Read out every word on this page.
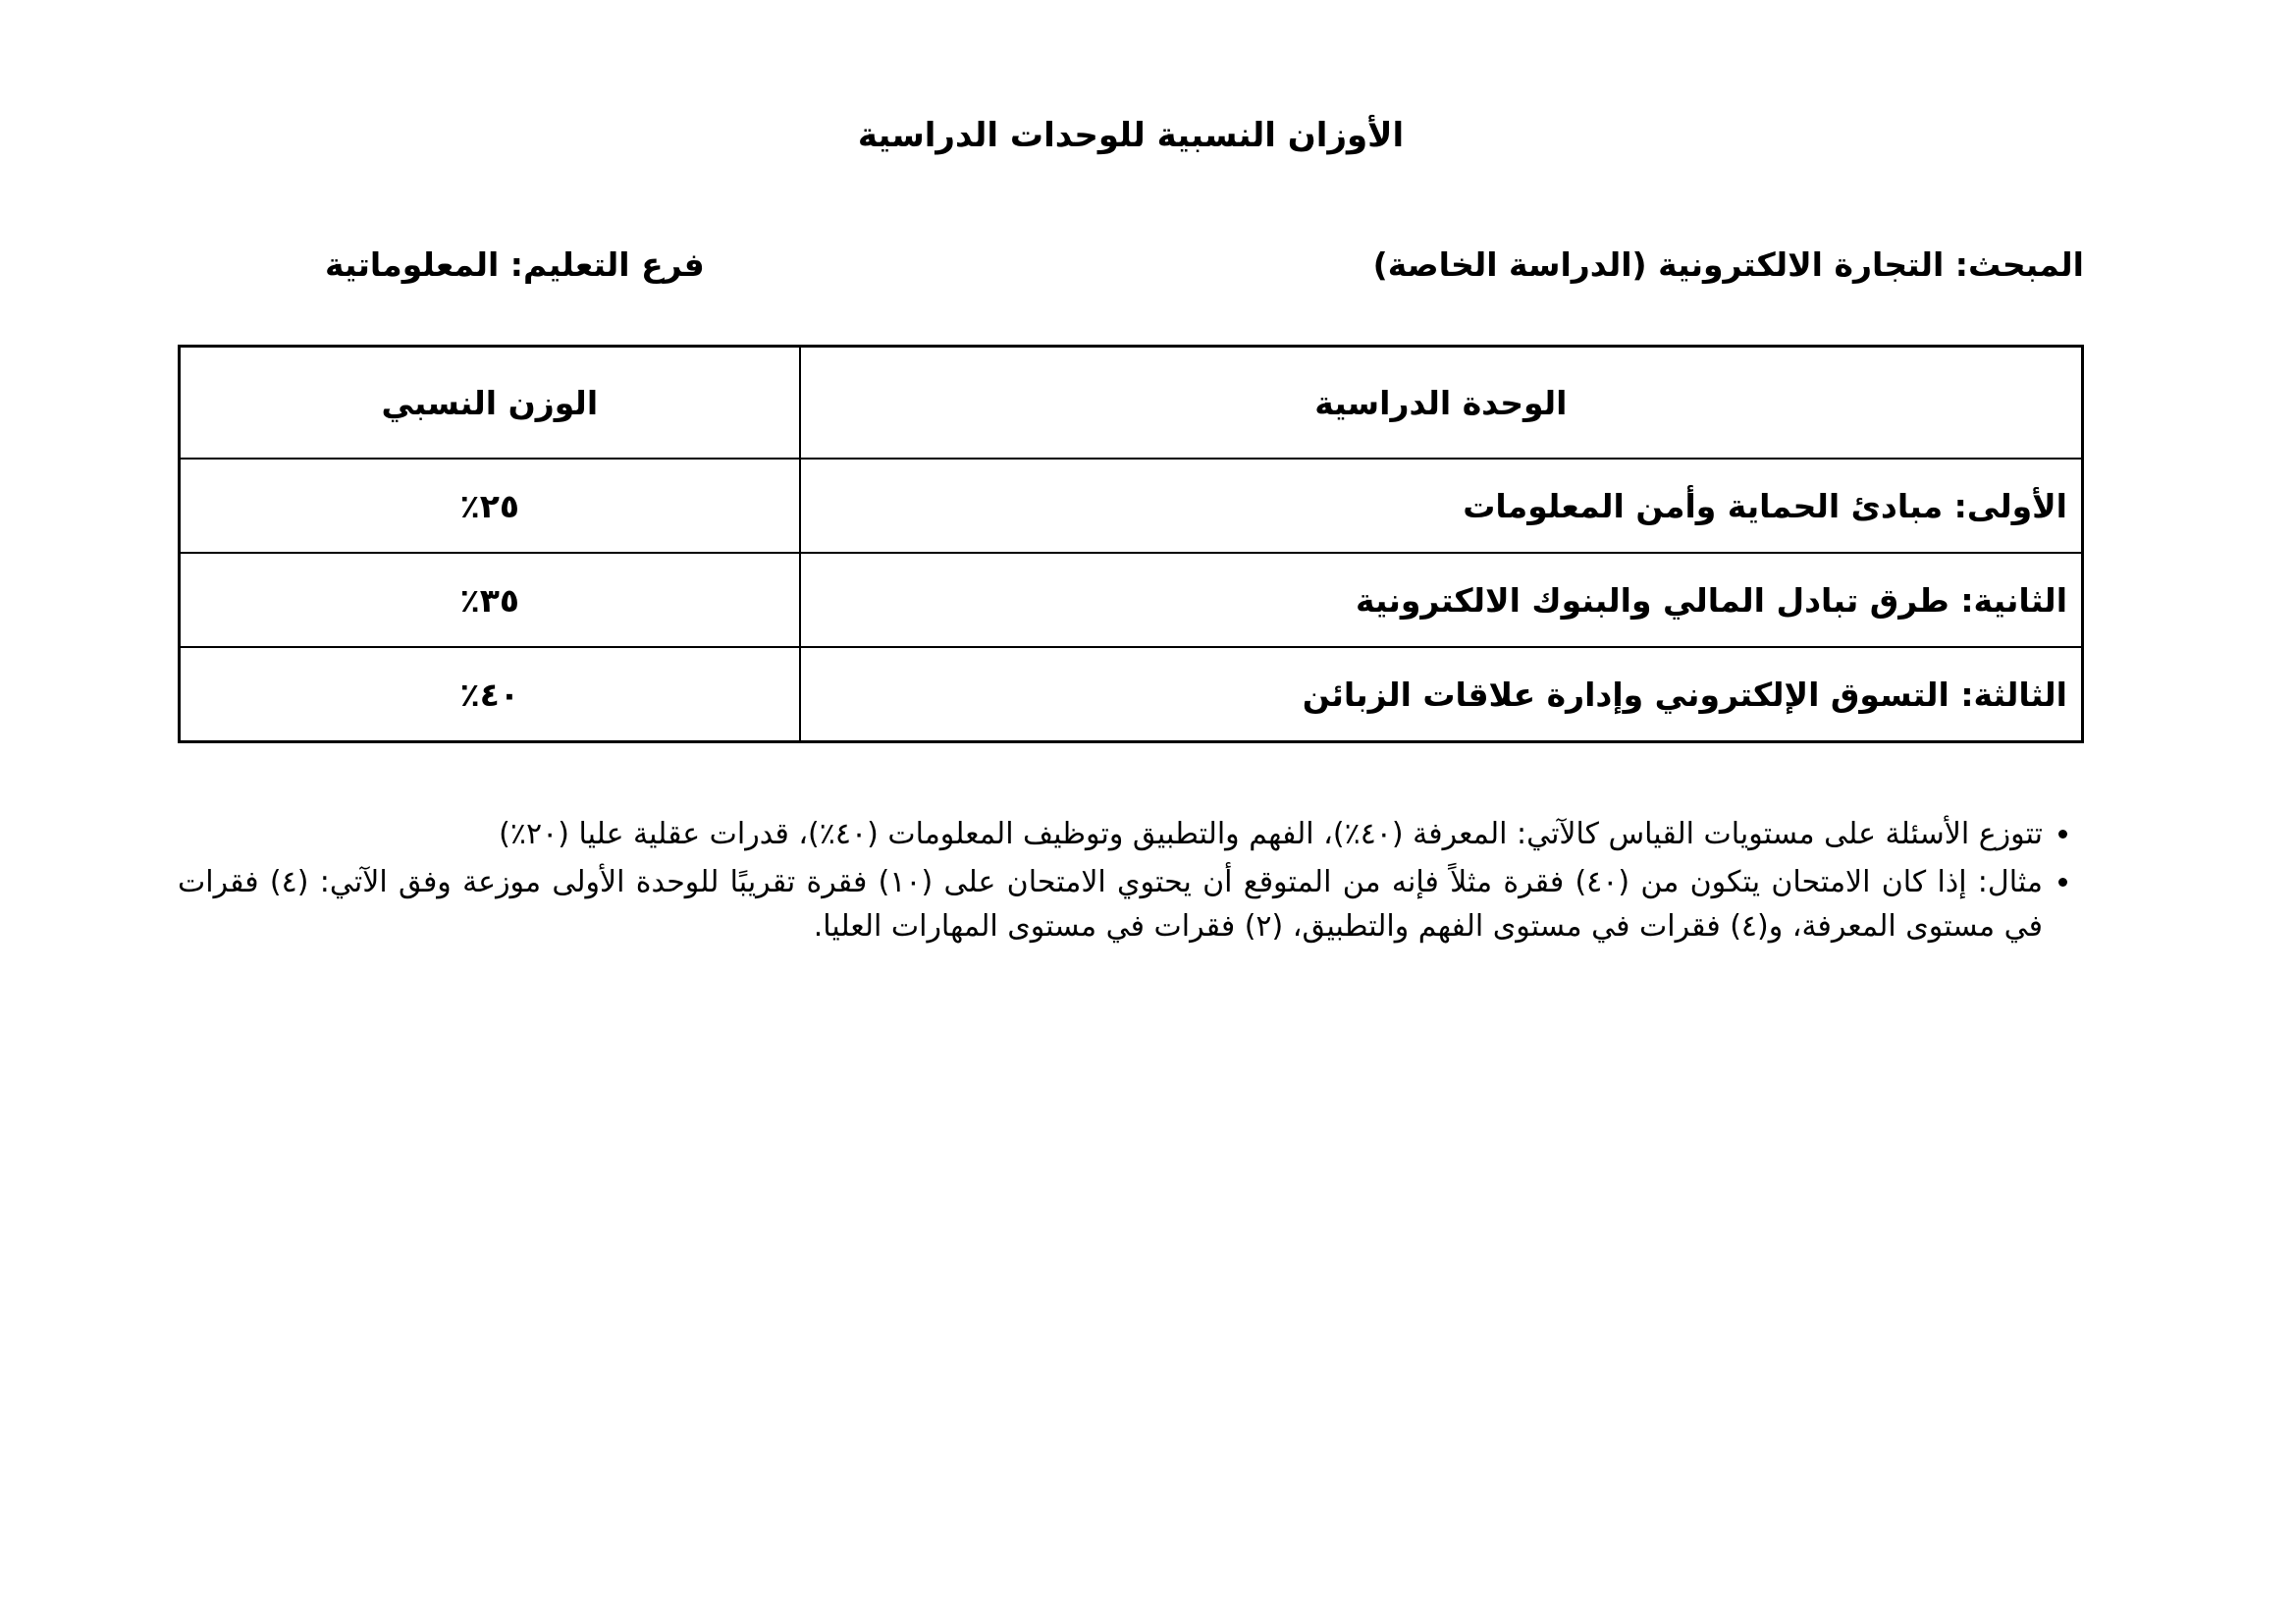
الأوزان النسبية للوحدات الدراسية
المبحث: التجارة الالكترونية (الدراسة الخاصة)
فرع التعليم: المعلوماتية
الوحدة الدراسية	الوزن النسبي
الأولى: مبادئ الحماية وأمن المعلومات	٢٥٪
الثانية: طرق تبادل المالي والبنوك الالكترونية	٣٥٪
الثالثة: التسوق الإلكتروني وإدارة علاقات الزبائن	٤٠٪
• تتوزع الأسئلة على مستويات القياس كالآتي: المعرفة (٤٠٪)، الفهم والتطبيق وتوظيف المعلومات (٤٠٪)، قدرات عقلية عليا (٢٠٪)
• مثال: إذا كان الامتحان يتكون من (٤٠) فقرة مثلاً فإنه من المتوقع أن يحتوي الامتحان على (١٠) فقرة تقريبًا للوحدة الأولى موزعة وفق الآتي: (٤) فقرات في مستوى المعرفة، و(٤) فقرات في مستوى الفهم والتطبيق، (٢) فقرات في مستوى المهارات العليا.
